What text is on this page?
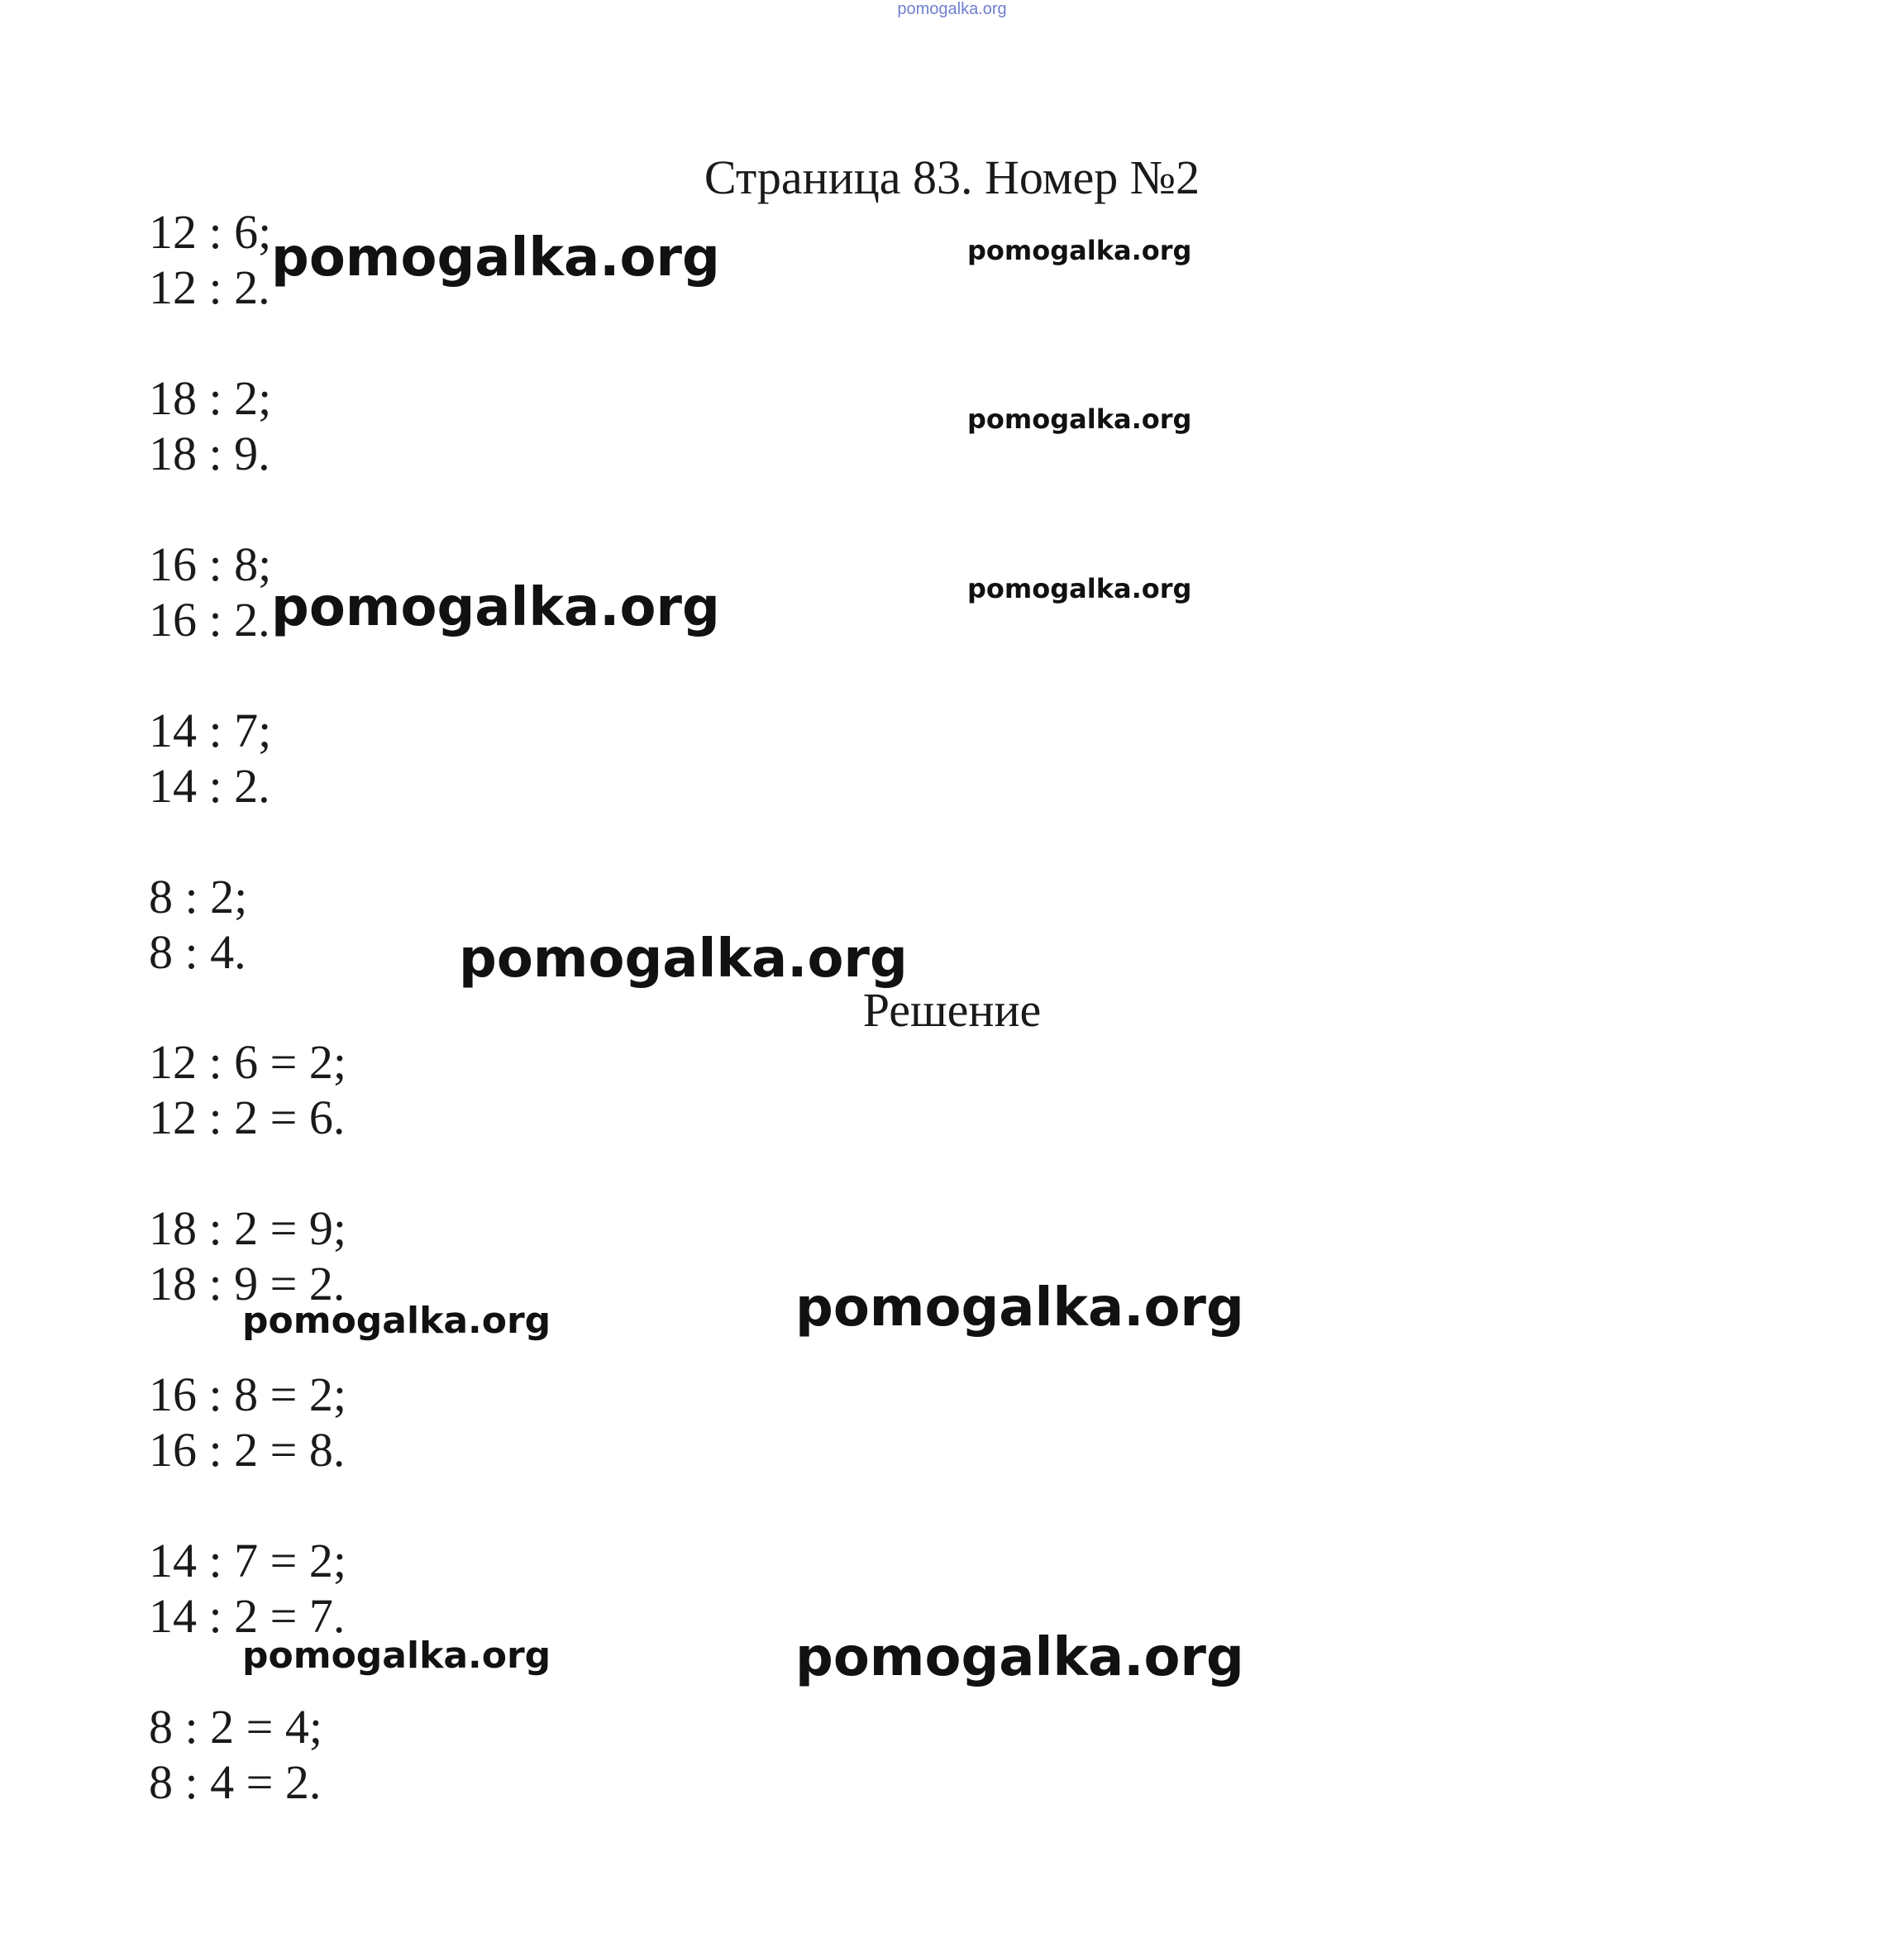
pomogalka.org
Страница 83. Номер №2
12 : 6;
12 : 2.
18 : 2;
18 : 9.
16 : 8;
16 : 2.
14 : 7;
14 : 2.
8 : 2;
8 : 4.
Решение
12 : 6 = 2;
12 : 2 = 6.
18 : 2 = 9;
18 : 9 = 2.
16 : 8 = 2;
16 : 2 = 8.
14 : 7 = 2;
14 : 2 = 7.
8 : 2 = 4;
8 : 4 = 2.
pomogalka.org	pomogalka.org
pomogalka.org
pomogalka.org	pomogalka.org
pomogalka.org
pomogalka.org	pomogalka.org
pomogalka.org	pomogalka.org
